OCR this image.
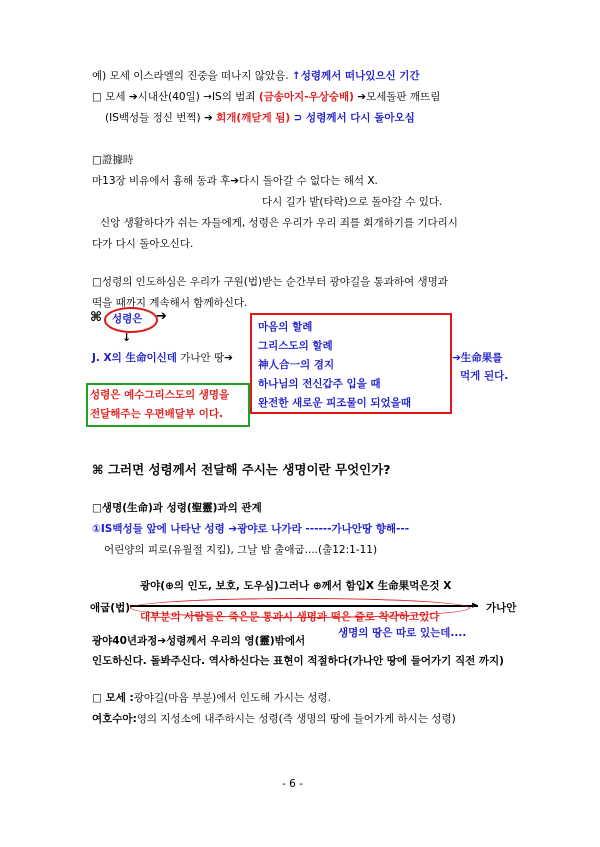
예) 모세 이스라엘의 진중을 떠나지 않았음. ↑성령께서 떠나있으신 기간
□ 모세 ➔시내산(40일) →IS의 범죄 (금송아지-우상숭배) ➔모세돌판 깨뜨림
(IS백성들 정신 번쩍) ➔ 회개(깨닫게 됨) ⊃ 성령께서 다시 돌아오심
□證據時
마13장 비유에서 흉해 동과 후➔다시 돌아갈 수 없다는 해석 X.
다시 길가 밭(타락)으로 돌아갈 수 있다.
신앙 생활하다가 쉬는 자들에게, 성령은 우리가 우리 죄를 회개하기를 기다리시
다가 다시 돌아오신다.
□성령의 인도하심은 우리가 구원(법)받는 순간부터 광야길을 통과하여 생명과
떡을 때까지 계속해서 함께하신다.
⌘ 성령은 ➔
↓
J. X의 生命이신데 가나안 땅➔
마음의 할례
그리스도의 할례
神人合一의 경지
하나님의 전신갑주 입을 때
완전한 새로운 피조물이 되었을때
➔生命果를
먹게 된다.
성령은 예수그리스도의 생명을
전달해주는 우편배달부 이다.
⌘ 그러면 성령께서 전달해 주시는 생명이란 무엇인가?
□생명(生命)과 성령(聖靈)과의 관계
①IS백성들 앞에 나타난 성령 ➔광야로 나가라 ------가나안땅 향해---
어린양의 피로(유월절 지킴), 그날 밤 출애굽....(출12:1-11)
광야(⊕의 인도, 보호, 도우심)그러나 ⊕께서 함입X 生命果먹은것 X
애굽(법)	▸ 가나안
대부분의 사람들은 죽은문 통과시 생명과 떡은 줄로 착각하고있다
생명의 땅은 따로 있는데....
광야40년과정➔성령께서 우리의 영(靈)밖에서
인도하신다. 돌봐주신다. 역사하신다는 표현이 적절하다(가나안 땅에 들어가기 직전 까지)
□ 모세 :광야길(마음 부분)에서 인도해 가시는 성령.
여호수아:영의 지성소에 내주하시는 성령(즉 생명의 땅에 들어가게 하시는 성령)
- 6 -
